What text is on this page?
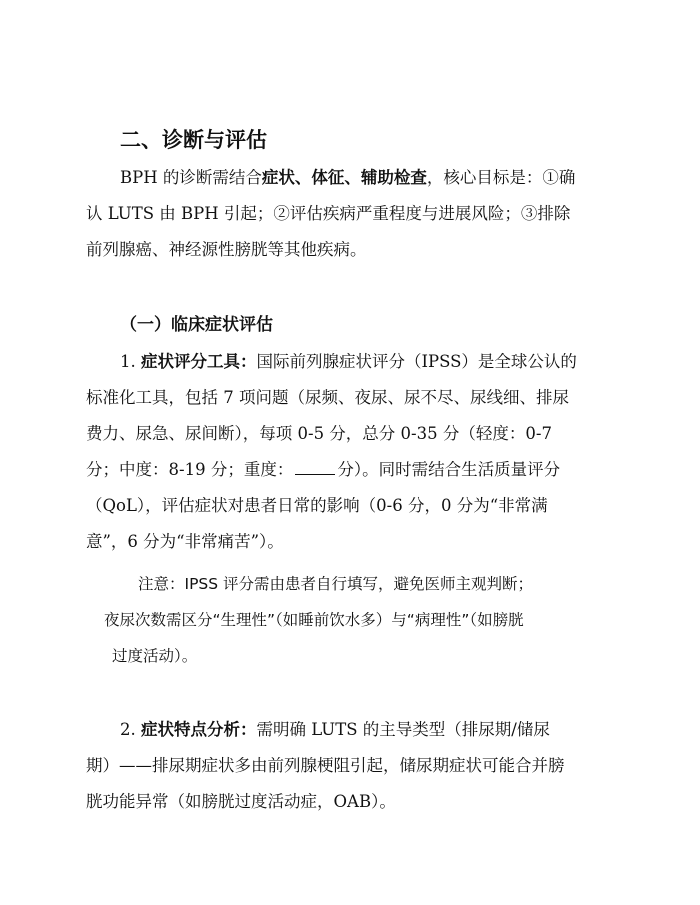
二、诊断与评估
BPH 的诊断需结合症状、体征、辅助检查，核心目标是：①确
认 LUTS 由 BPH 引起；②评估疾病严重程度与进展风险；③排除
前列腺癌、神经源性膀胱等其他疾病。
（一）临床症状评估
1. 症状评分工具：国际前列腺症状评分（IPSS）是全球公认的
标准化工具，包括 7 项问题（尿频、夜尿、尿不尽、尿线细、排尿
费力、尿急、尿间断），每项 0-5 分，总分 0-35 分（轻度：0-7
分；中度：8-19 分；重度：	分）。同时需结合生活质量评分
（QoL），评估症状对患者日常的影响（0-6 分，0 分为“非常满
意”，6 分为“非常痛苦”）。
注意：IPSS 评分需由患者自行填写，避免医师主观判断；
夜尿次数需区分“生理性”（如睡前饮水多）与“病理性”（如膀胱
过度活动）。
2. 症状特点分析：需明确 LUTS 的主导类型（排尿期/储尿
期）——排尿期症状多由前列腺梗阻引起，储尿期症状可能合并膀
胱功能异常（如膀胱过度活动症，OAB）。
